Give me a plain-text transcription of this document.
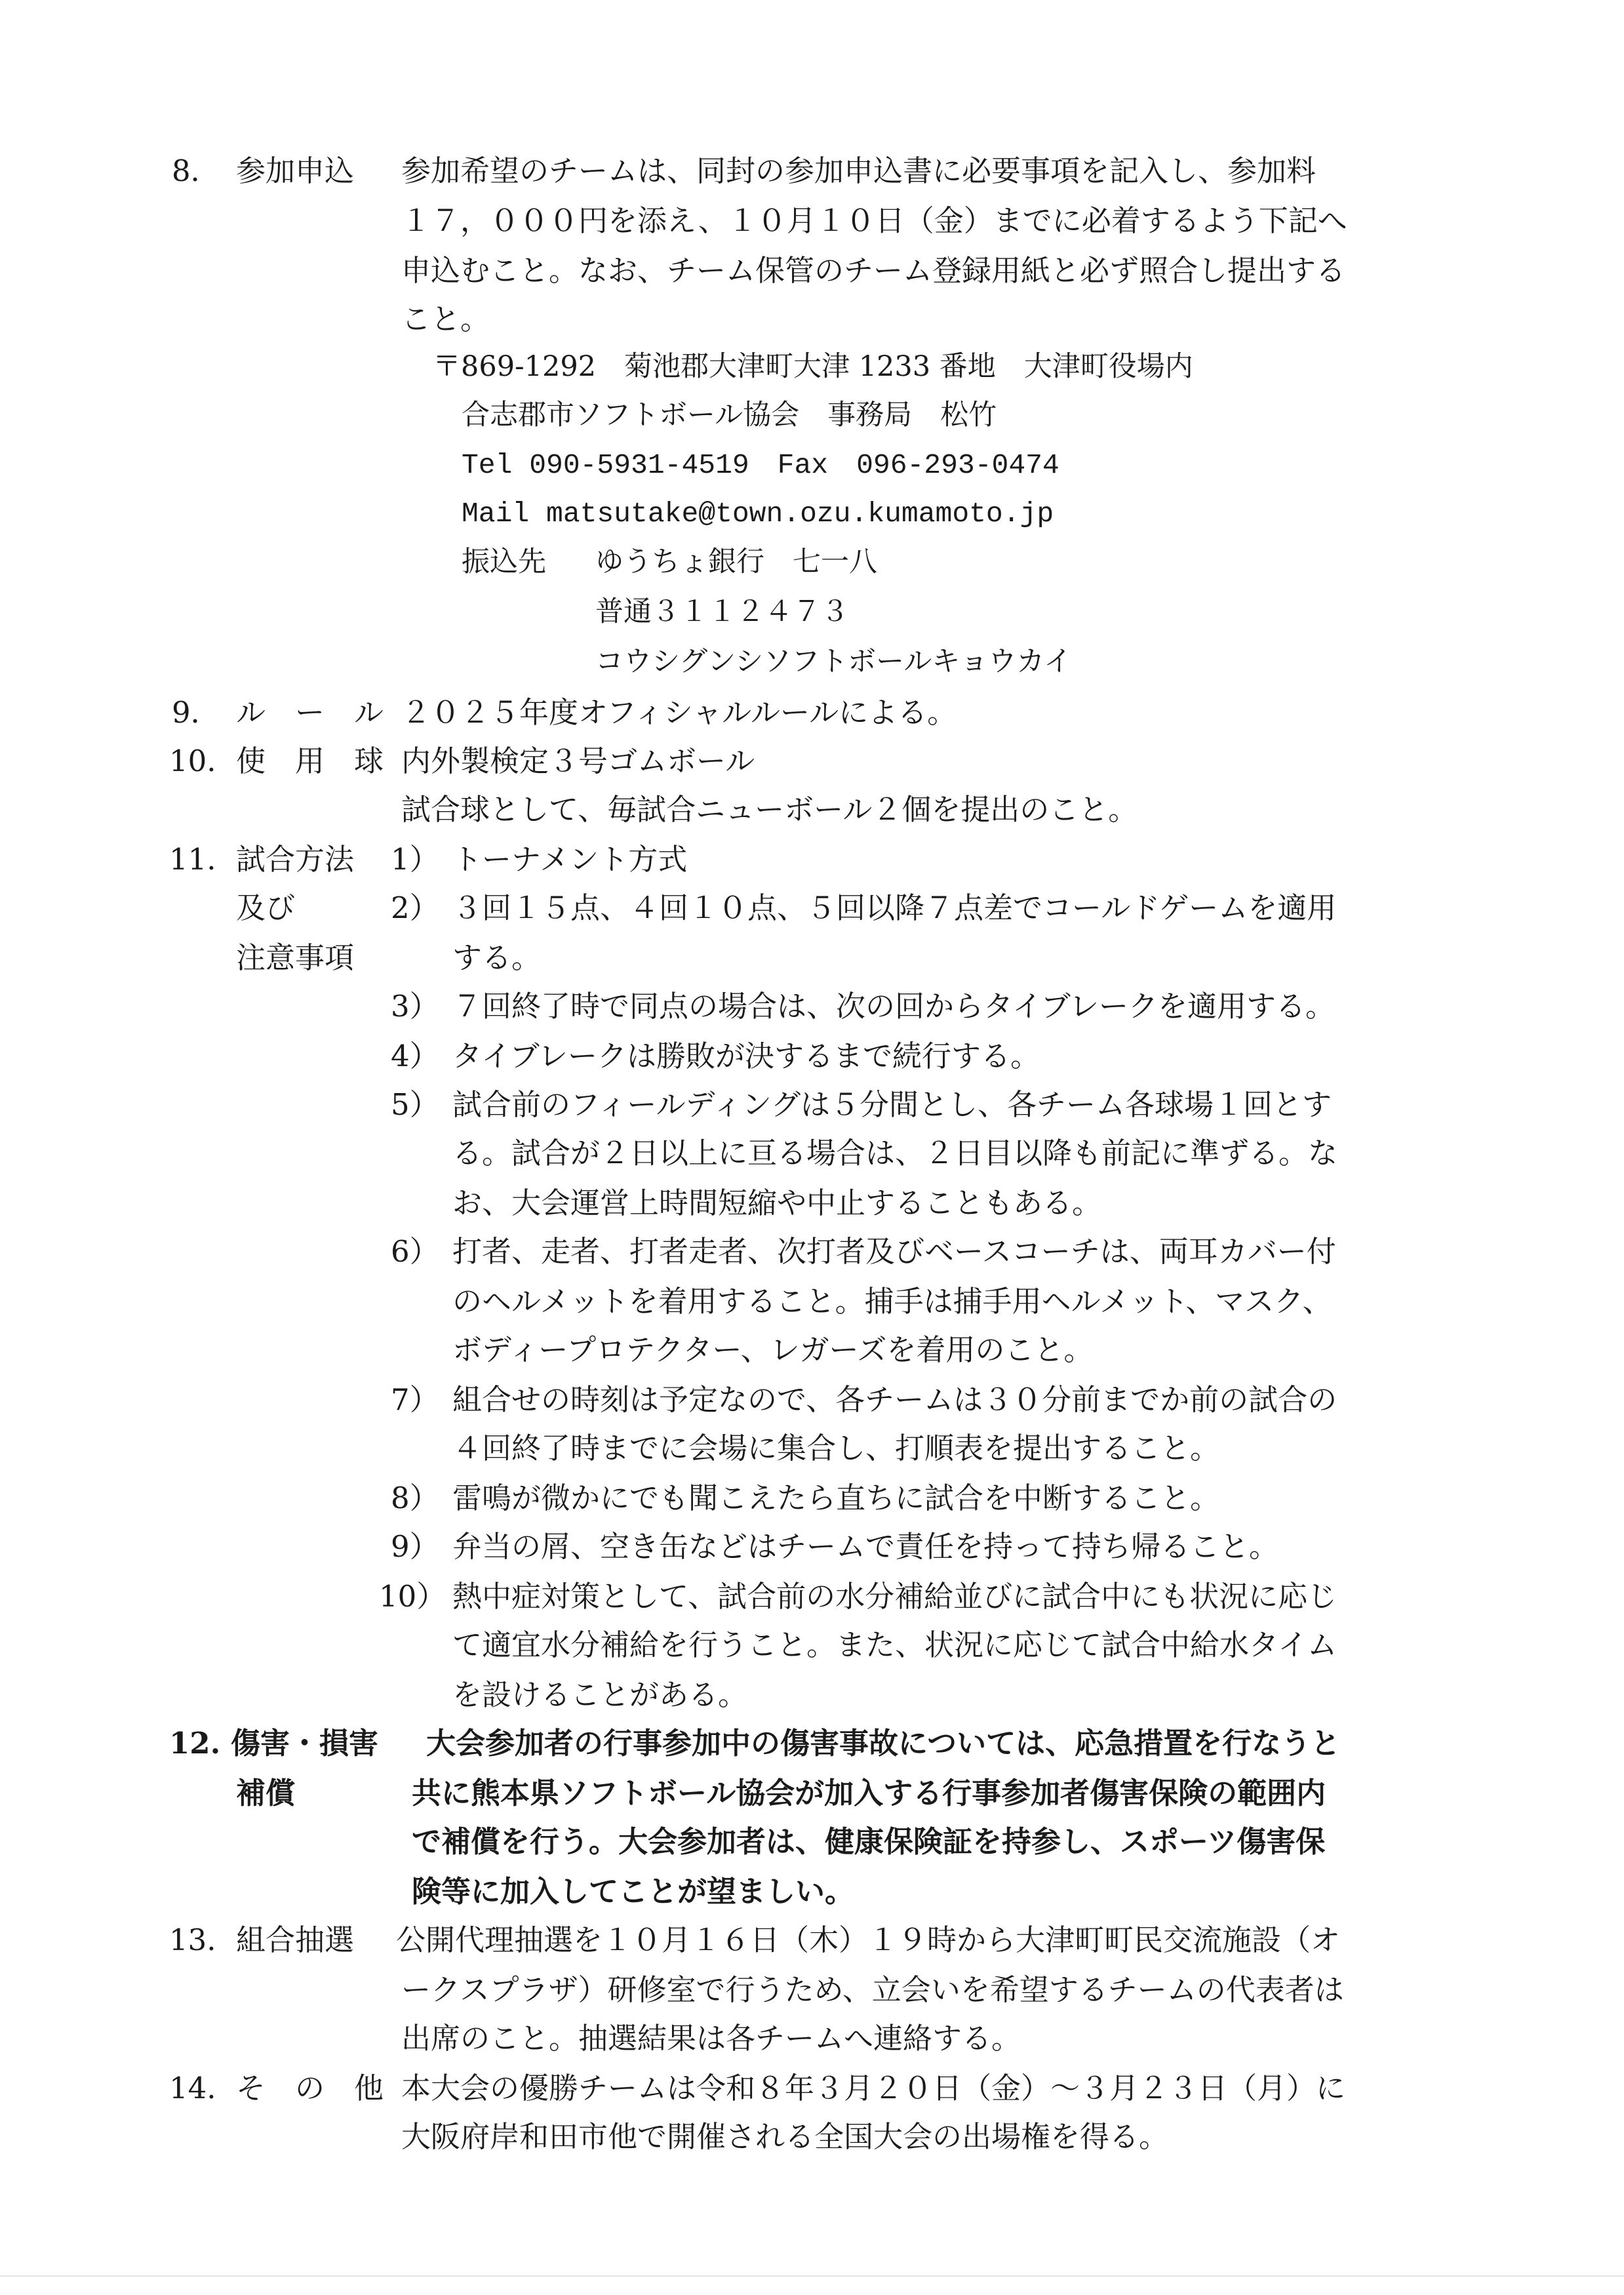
8． 参加申込 参加希望のチームは、同封の参加申込書に必要事項を記入し、参加料
１７，０００円を添え、１０月１０日（金）までに必着するよう下記へ
申込むこと。なお、チーム保管のチーム登録用紙と必ず照合し提出する
こと。
〒869-1292　菊池郡大津町大津 1233 番地　大津町役場内
合志郡市ソフトボール協会　事務局　松竹
Tel 090-5931-4519　Fax　096-293-0474
Mail matsutake@town.ozu.kumamoto.jp
振込先 ゆうちょ銀行　七一八
普通３１１２４７３
コウシグンシソフトボールキョウカイ
9． ル　ー　ル ２０２５年度オフィシャルルールによる。
10. 使　用　球 内外製検定３号ゴムボール
試合球として、毎試合ニューボール２個を提出のこと。
11. 試合方法
及び
注意事項
1） トーナメント方式
2） ３回１５点、４回１０点、５回以降７点差でコールドゲームを適用
する。
3） ７回終了時で同点の場合は、次の回からタイブレークを適用する。
4） タイブレークは勝敗が決するまで続行する。
5） 試合前のフィールディングは５分間とし、各チーム各球場１回とす
る。試合が２日以上に亘る場合は、２日目以降も前記に準ずる。な
お、大会運営上時間短縮や中止することもある。
6） 打者、走者、打者走者、次打者及びベースコーチは、両耳カバー付
のヘルメットを着用すること。捕手は捕手用ヘルメット、マスク、
ボディープロテクター、レガーズを着用のこと。
7） 組合せの時刻は予定なので、各チームは３０分前までか前の試合の
４回終了時までに会場に集合し、打順表を提出すること。
8） 雷鳴が微かにでも聞こえたら直ちに試合を中断すること。
9） 弁当の屑、空き缶などはチームで責任を持って持ち帰ること。
10） 熱中症対策として、試合前の水分補給並びに試合中にも状況に応じ
て適宜水分補給を行うこと。また、状況に応じて試合中給水タイム
を設けることがある。
12. 傷害・損害
補償
大会参加者の行事参加中の傷害事故については、応急措置を行なうと
共に熊本県ソフトボール協会が加入する行事参加者傷害保険の範囲内
で補償を行う。大会参加者は、健康保険証を持参し、スポーツ傷害保
険等に加入してことが望ましい。
13. 組合抽選 公開代理抽選を１０月１６日（木）１９時から大津町町民交流施設（オ
ークスプラザ）研修室で行うため、立会いを希望するチームの代表者は
出席のこと。抽選結果は各チームへ連絡する。
14. そ　の　他 本大会の優勝チームは令和８年３月２０日（金）～３月２３日（月）に
大阪府岸和田市他で開催される全国大会の出場権を得る。
